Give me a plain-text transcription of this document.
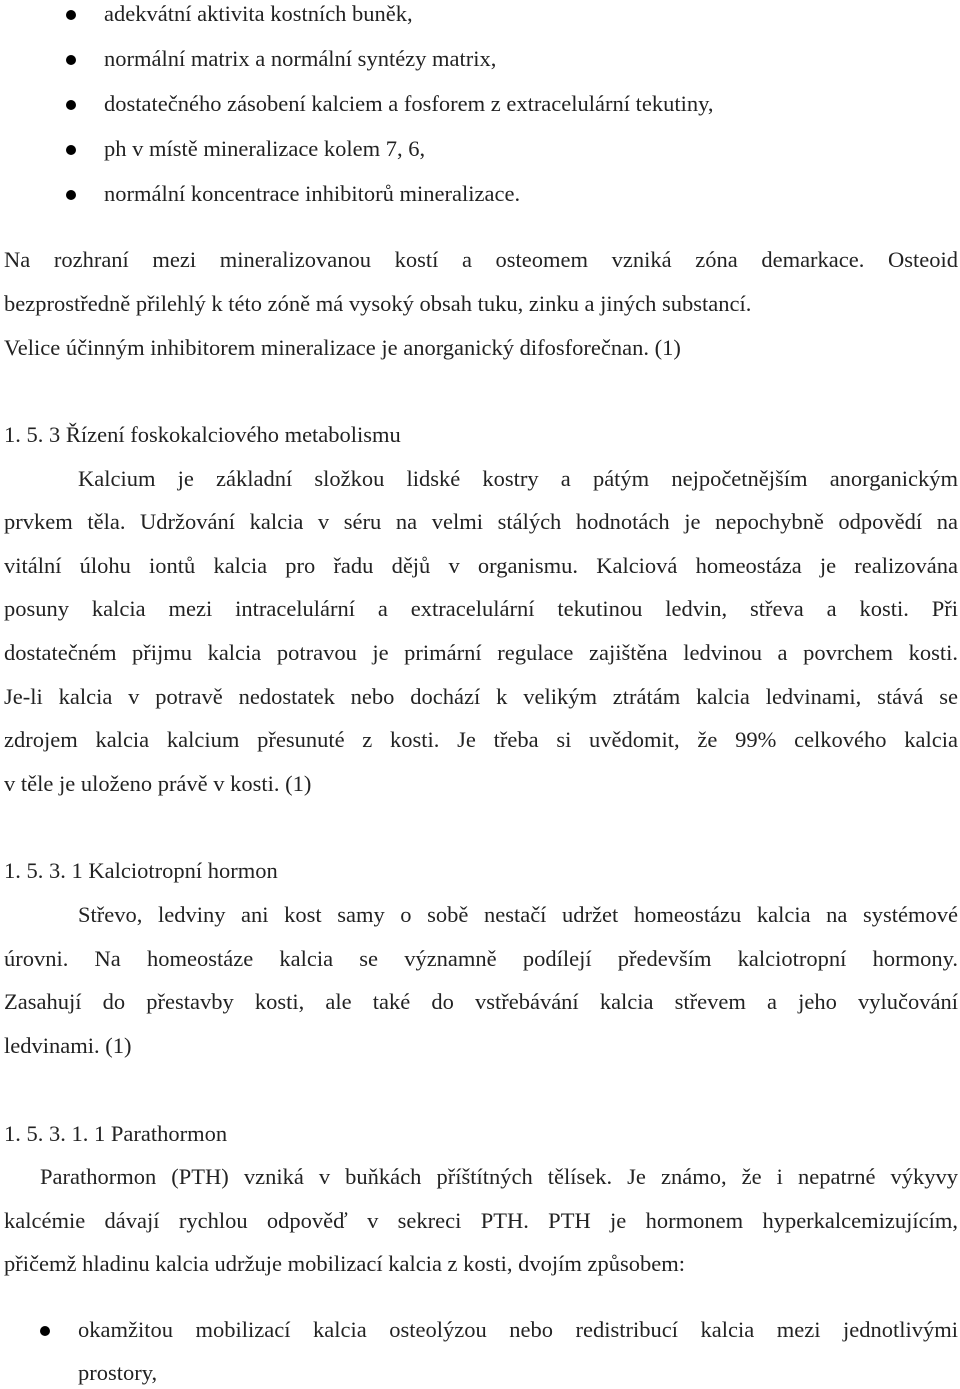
adekvátní aktivita kostních buněk,

normální matrix a normální syntézy matrix,

dostatečného zásobení kalciem a fosforem z extracelulární tekutiny,

ph v místě mineralizace kolem 7, 6,

normální koncentrace inhibitorů mineralizace.

Na rozhraní mezi mineralizovanou kostí a osteomem vzniká zóna demarkace. Osteoid

bezprostředně přilehlý k této zóně má vysoký obsah tuku, zinku a jiných substancí.

Velice účinným inhibitorem mineralizace je anorganický difosforečnan. (1)

1. 5. 3 Řízení foskokalciového metabolismu

Kalcium je základní složkou lidské kostry a pátým nejpočetnějším anorganickým

prvkem těla. Udržování kalcia v séru na velmi stálých hodnotách je nepochybně odpovědí na

vitální úlohu iontů kalcia pro řadu dějů v organismu. Kalciová homeostáza je realizována

posuny kalcia mezi intracelulární a extracelulární tekutinou ledvin, střeva a kosti. Při

dostatečném přijmu kalcia potravou je primární regulace zajištěna ledvinou a povrchem kosti.

Je-li kalcia v potravě nedostatek nebo dochází k velikým ztrátám kalcia ledvinami, stává se

zdrojem kalcia kalcium přesunuté z kosti. Je třeba si uvědomit, že 99% celkového kalcia

v těle je uloženo právě v kosti. (1)

1. 5. 3. 1 Kalciotropní hormon

Střevo, ledviny ani kost samy o sobě nestačí udržet homeostázu kalcia na systémové

úrovni. Na homeostáze kalcia se významně podílejí především kalciotropní hormony.

Zasahují do přestavby kosti, ale také do vstřebávání kalcia střevem a jeho vylučování

ledvinami. (1)

1. 5. 3. 1. 1 Parathormon

Parathormon (PTH) vzniká v buňkách příštítných tělísek. Je známo, že i nepatrné výkyvy

kalcémie dávají rychlou odpověď v sekreci PTH. PTH je hormonem hyperkalcemizujícím,

přičemž hladinu kalcia udržuje mobilizací kalcia z kosti, dvojím způsobem:

okamžitou mobilizací kalcia osteolýzou nebo redistribucí kalcia mezi jednotlivými

prostory,
